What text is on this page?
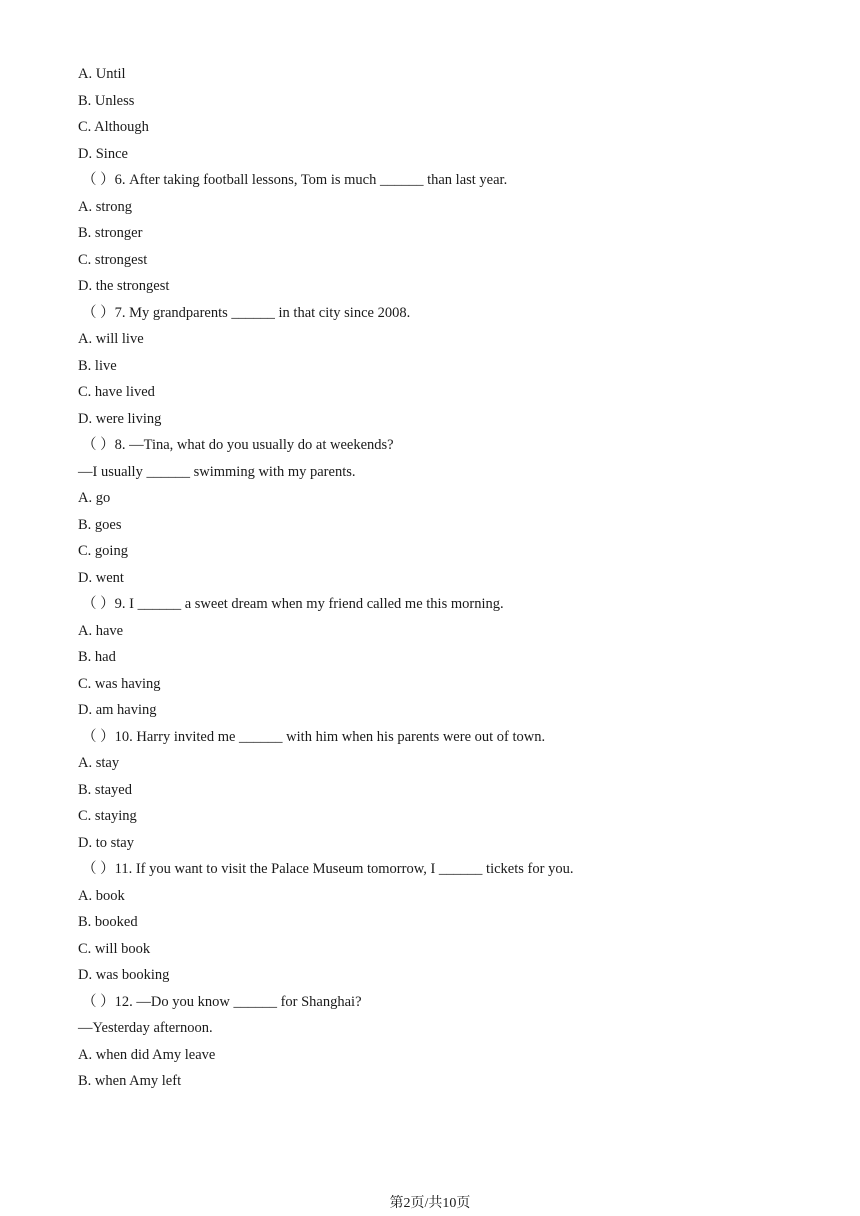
A. Until
B. Unless
C. Although
D. Since
（ ）6. After taking football lessons, Tom is much ______ than last year.
A. strong
B. stronger
C. strongest
D. the strongest
（ ）7. My grandparents ______ in that city since 2008.
A. will live
B. live
C. have lived
D. were living
（ ）8. —Tina, what do you usually do at weekends?
—I usually ______ swimming with my parents.
A. go
B. goes
C. going
D. went
（ ）9. I ______ a sweet dream when my friend called me this morning.
A. have
B. had
C. was having
D. am having
（ ）10. Harry invited me ______ with him when his parents were out of town.
A. stay
B. stayed
C. staying
D. to stay
（ ）11. If you want to visit the Palace Museum tomorrow, I ______ tickets for you.
A. book
B. booked
C. will book
D. was booking
（ ）12. —Do you know ______ for Shanghai?
—Yesterday afternoon.
A. when did Amy leave
B. when Amy left
第2页/共10页
